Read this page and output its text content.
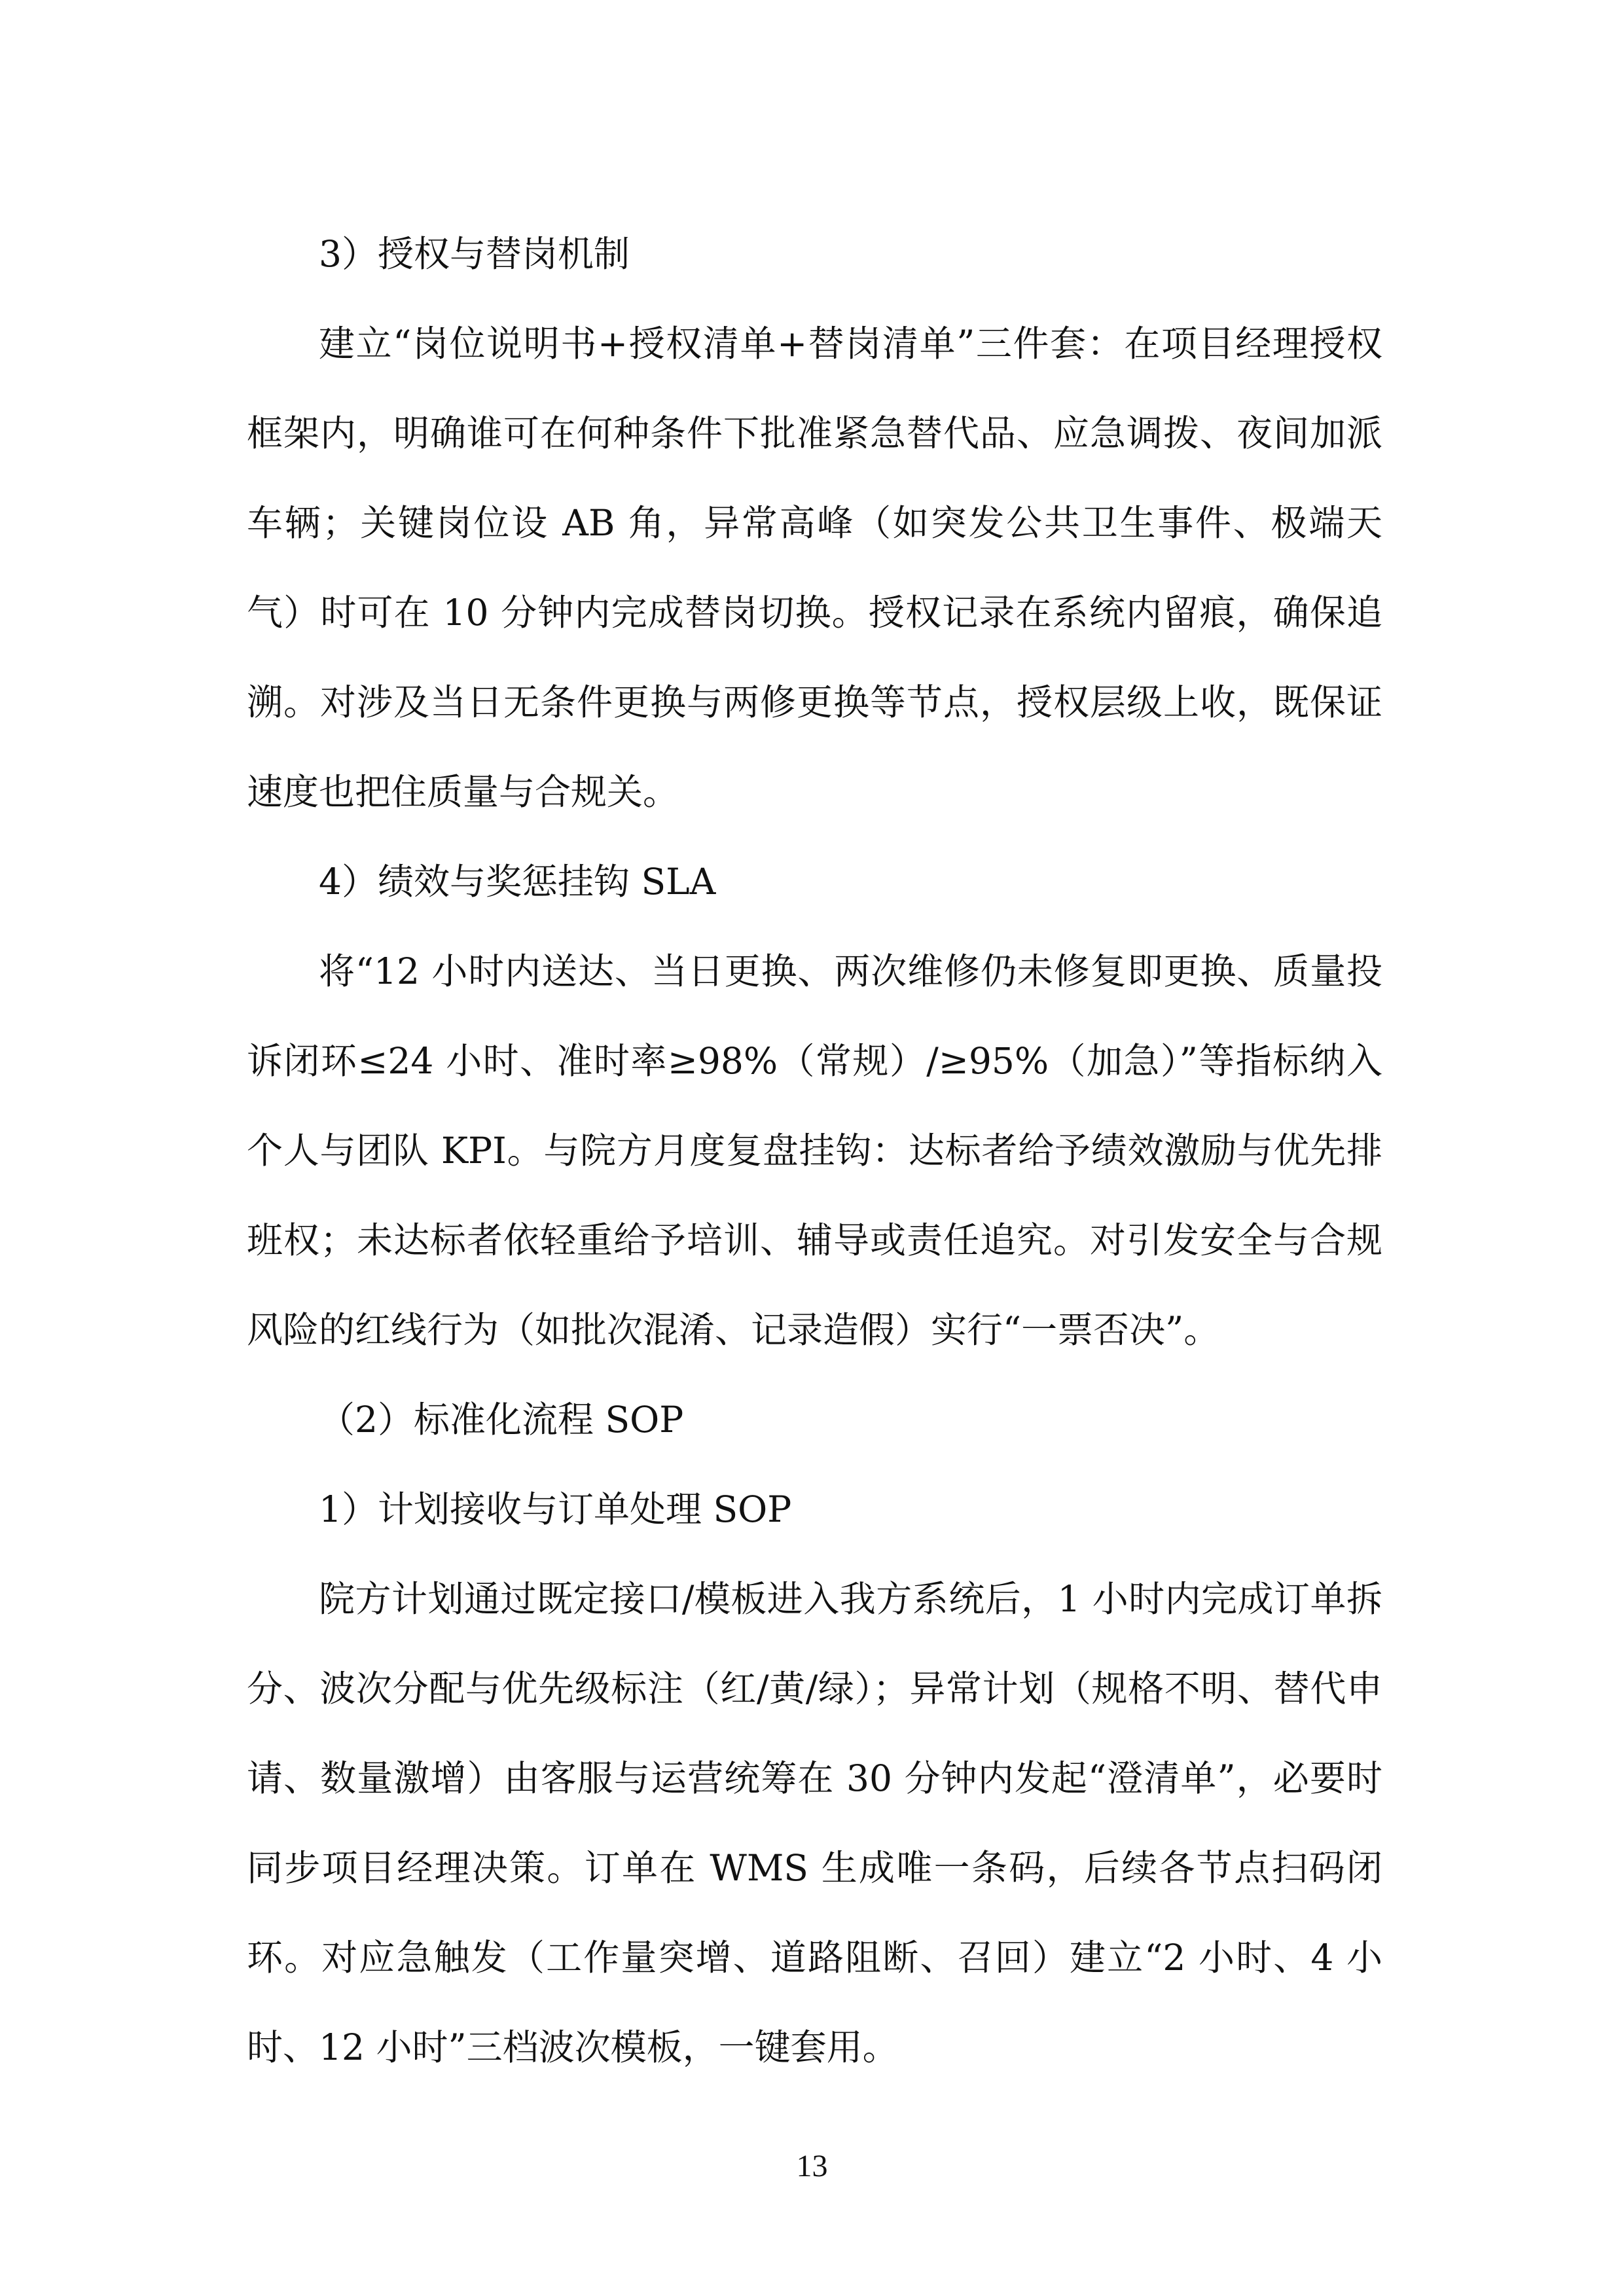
3）授权与替岗机制

建立“岗位说明书+授权清单+替岗清单”三件套：在项目经理授权框架内，明确谁可在何种条件下批准紧急替代品、应急调拨、夜间加派车辆；关键岗位设 AB 角，异常高峰（如突发公共卫生事件、极端天气）时可在 10 分钟内完成替岗切换。授权记录在系统内留痕，确保追溯。对涉及当日无条件更换与两修更换等节点，授权层级上收，既保证速度也把住质量与合规关。

4）绩效与奖惩挂钩 SLA

将“12 小时内送达、当日更换、两次维修仍未修复即更换、质量投诉闭环≤24 小时、准时率≥98%（常规）/≥95%（加急）”等指标纳入个人与团队 KPI。与院方月度复盘挂钩：达标者给予绩效激励与优先排班权；未达标者依轻重给予培训、辅导或责任追究。对引发安全与合规风险的红线行为（如批次混淆、记录造假）实行“一票否决”。

（2）标准化流程 SOP

1）计划接收与订单处理 SOP

院方计划通过既定接口/模板进入我方系统后，1 小时内完成订单拆分、波次分配与优先级标注（红/黄/绿）；异常计划（规格不明、替代申请、数量激增）由客服与运营统筹在 30 分钟内发起“澄清单”，必要时同步项目经理决策。订单在 WMS 生成唯一条码，后续各节点扫码闭环。对应急触发（工作量突增、道路阻断、召回）建立“2 小时、4 小时、12 小时”三档波次模板，一键套用。

13
